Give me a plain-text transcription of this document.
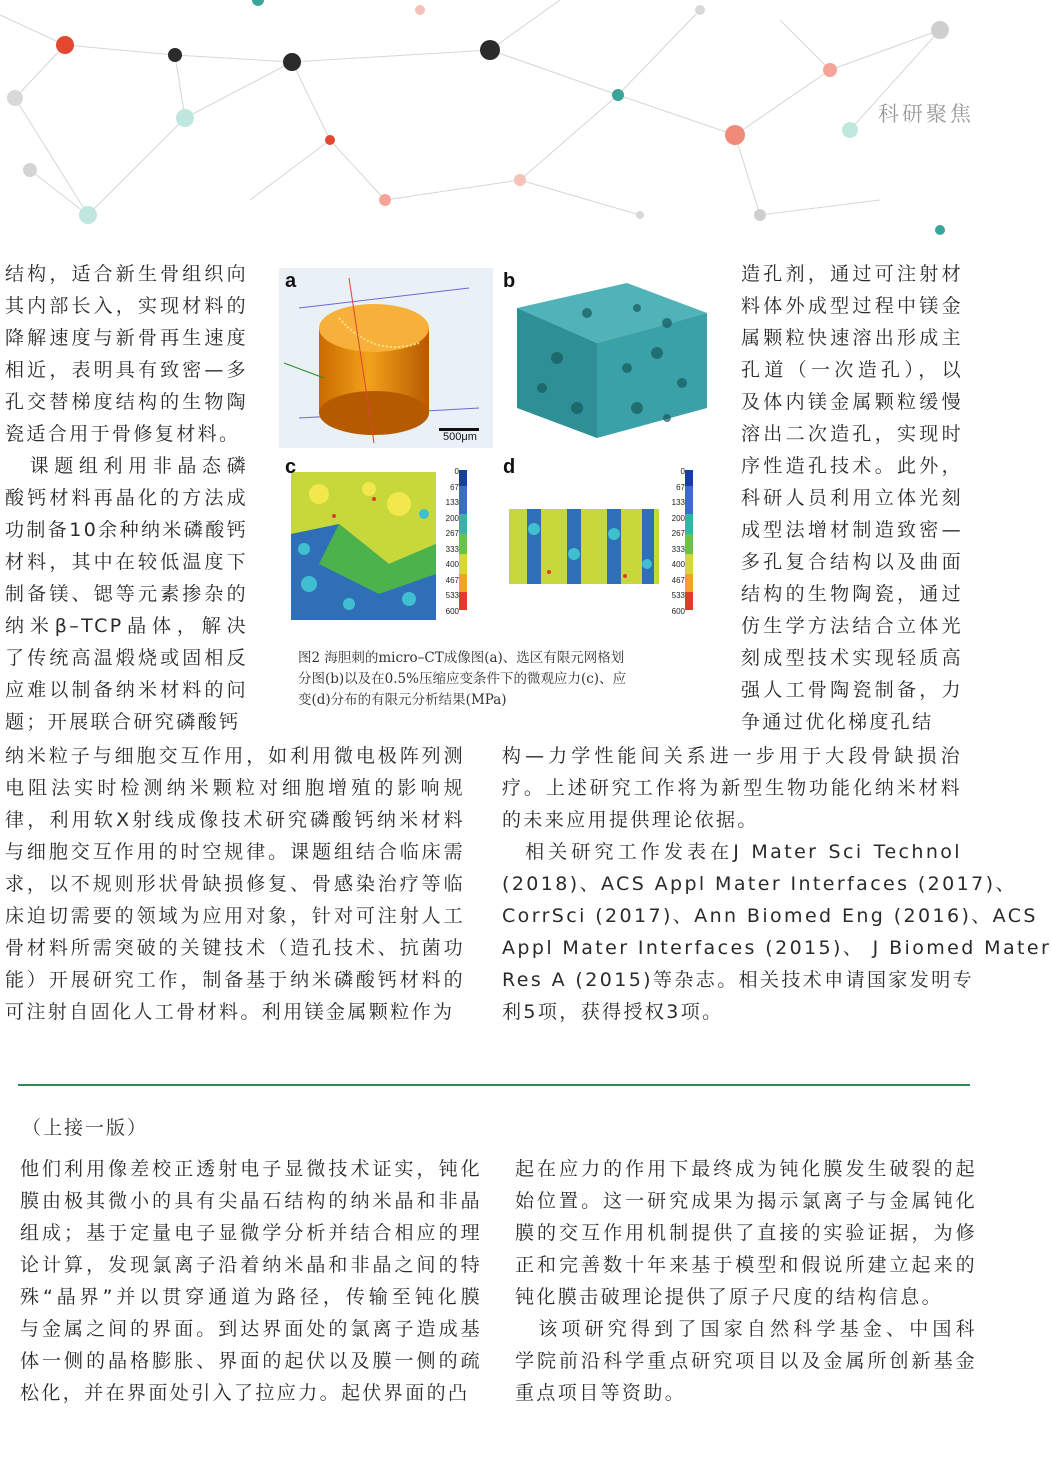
科研聚焦
结构，适合新生骨组织向
其内部长入，实现材料的
降解速度与新骨再生速度
相近，表明具有致密—多
孔交替梯度结构的生物陶
瓷适合用于骨修复材料。
　课题组利用非晶态磷
酸钙材料再晶化的方法成
功制备10余种纳米磷酸钙
材料，其中在较低温度下
制备镁、锶等元素掺杂的
纳米β–TCP晶体，解决
了传统高温煅烧或固相反
应难以制备纳米材料的问
题；开展联合研究磷酸钙
造孔剂，通过可注射材
料体外成型过程中镁金
属颗粒快速溶出形成主
孔道（一次造孔），以
及体内镁金属颗粒缓慢
溶出二次造孔，实现时
序性造孔技术。此外，
科研人员利用立体光刻
成型法增材制造致密—
多孔复合结构以及曲面
结构的生物陶瓷，通过
仿生学方法结合立体光
刻成型技术实现轻质高
强人工骨陶瓷制备，力
争通过优化梯度孔结
500μm
a	b
c	0
67
133
200
267
333
400
467
533
600
d	0
67
133
200
267
333
400
467
533
600
图2 海胆刺的micro–CT成像图(a)、选区有限元网格划
分图(b)以及在0.5%压缩应变条件下的微观应力(c)、应
变(d)分布的有限元分析结果(MPa)
纳米粒子与细胞交互作用，如利用微电极阵列测
电阻法实时检测纳米颗粒对细胞增殖的影响规
律，利用软X射线成像技术研究磷酸钙纳米材料
与细胞交互作用的时空规律。课题组结合临床需
求，以不规则形状骨缺损修复、骨感染治疗等临
床迫切需要的领域为应用对象，针对可注射人工
骨材料所需突破的关键技术（造孔技术、抗菌功
能）开展研究工作，制备基于纳米磷酸钙材料的
可注射自固化人工骨材料。利用镁金属颗粒作为
构—力学性能间关系进一步用于大段骨缺损治
疗。上述研究工作将为新型生物功能化纳米材料
的未来应用提供理论依据。
　相关研究工作发表在J Mater Sci Technol
(2018)、ACS Appl Mater Interfaces (2017)、
CorrSci (2017)、Ann Biomed Eng (2016)、ACS
Appl Mater Interfaces (2015)、 J Biomed Mater
Res A (2015)等杂志。相关技术申请国家发明专
利5项，获得授权3项。
（上接一版）
他们利用像差校正透射电子显微技术证实，钝化
膜由极其微小的具有尖晶石结构的纳米晶和非晶
组成；基于定量电子显微学分析并结合相应的理
论计算，发现氯离子沿着纳米晶和非晶之间的特
殊“晶界”并以贯穿通道为路径，传输至钝化膜
与金属之间的界面。到达界面处的氯离子造成基
体一侧的晶格膨胀、界面的起伏以及膜一侧的疏
松化，并在界面处引入了拉应力。起伏界面的凸
起在应力的作用下最终成为钝化膜发生破裂的起
始位置。这一研究成果为揭示氯离子与金属钝化
膜的交互作用机制提供了直接的实验证据，为修
正和完善数十年来基于模型和假说所建立起来的
钝化膜击破理论提供了原子尺度的结构信息。
　该项研究得到了国家自然科学基金、中国科
学院前沿科学重点研究项目以及金属所创新基金
重点项目等资助。
